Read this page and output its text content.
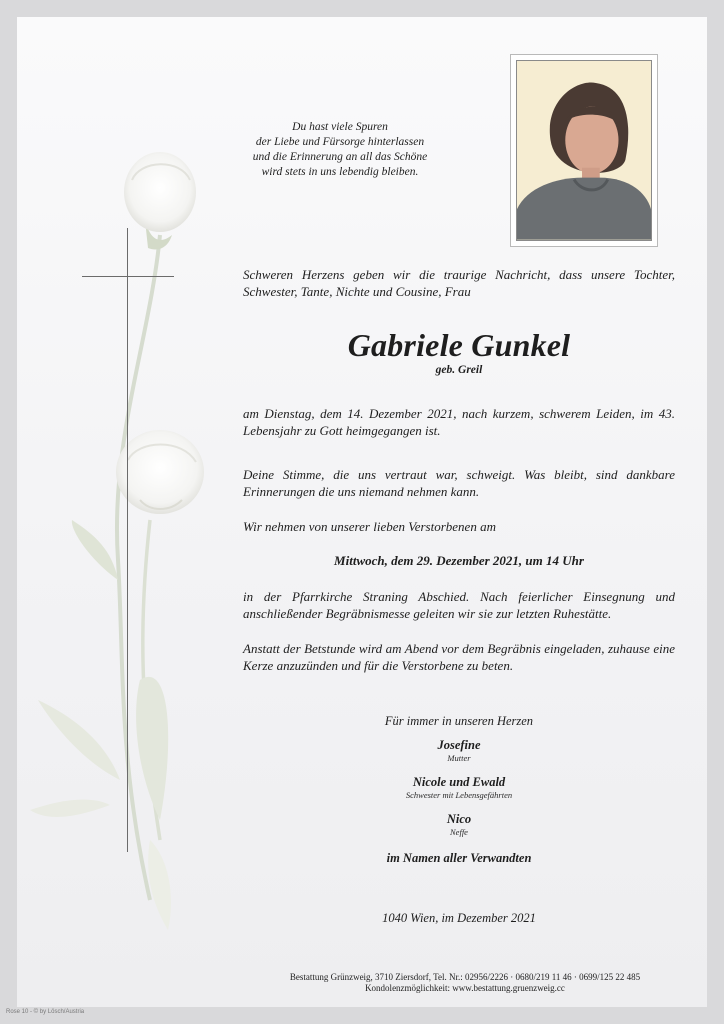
Du hast viele Spuren
der Liebe und Fürsorge hinterlassen
und die Erinnerung an all das Schöne
wird stets in uns lebendig bleiben.
Schweren Herzens geben wir die traurige Nachricht, dass unsere Tochter, Schwester, Tante, Nichte und Cousine, Frau
Gabriele Gunkel
geb. Greil
am Dienstag, dem 14. Dezember 2021, nach kurzem, schwerem Leiden, im 43. Lebensjahr zu Gott heimgegangen ist.
Deine Stimme, die uns vertraut war, schweigt. Was bleibt, sind dankbare Erinnerungen die uns niemand nehmen kann.
Wir nehmen von unserer lieben Verstorbenen am
Mittwoch, dem 29. Dezember 2021, um 14 Uhr
in der Pfarrkirche Straning Abschied. Nach feierlicher Einsegnung und anschließender Begräbnismesse geleiten wir sie zur letzten Ruhestätte.
Anstatt der Betstunde wird am Abend vor dem Begräbnis eingeladen, zuhause eine Kerze anzuzünden und für die Verstorbene zu beten.
Für immer in unseren Herzen
Josefine
Mutter
Nicole und Ewald
Schwester mit Lebensgefährten
Nico
Neffe
im Namen aller Verwandten
1040 Wien, im Dezember 2021
Bestattung Grünzweig, 3710 Ziersdorf, Tel. Nr.: 02956/2226 · 0680/219 11 46 · 0699/125 22 485
Kondolenzmöglichkeit: www.bestattung.gruenzweig.cc
Rose 10 - © by Lösch/Austria
